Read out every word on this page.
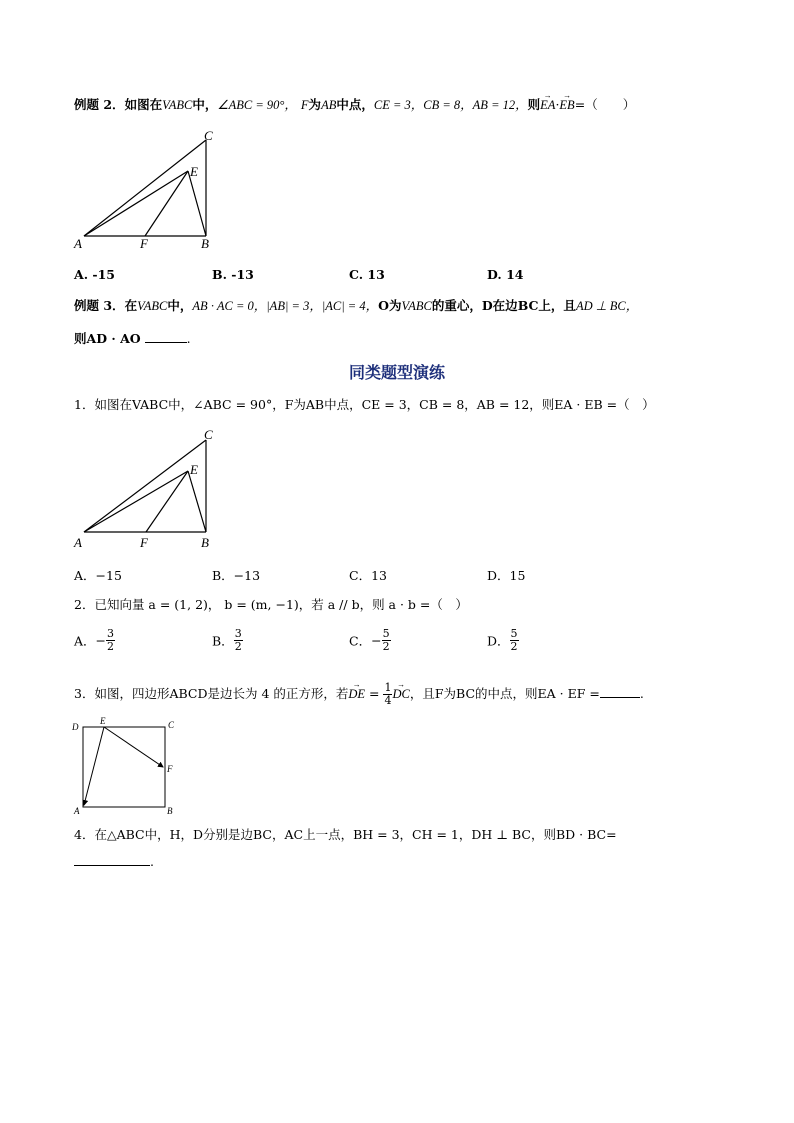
例题 2．如图在VABC中，∠ABC = 90°， F为AB中点，CE = 3，CB = 8，AB = 12，则→ EA·→ EB=（　　）
A	F	B
C
E
A. -15	B. -13	C. 13	D. 14
例题 3．在VABC中，AB · AC = 0，|AB| = 3，|AC| = 4，O为VABC的重心，D在边BC上，且AD ⊥ BC，
则AD · AO	.
同类题型演练
1．如图在VABC中，∠ABC = 90°，F为AB中点，CE = 3，CB = 8，AB = 12，则EA · EB =（　）
A	F	B
C
E
A．−15	B．−13	C．13	D．15
2．已知向量 a = (1, 2)， b = (m, −1)，若 a // b，则 a · b =（　）
A．− $\frac{3}{2}$	B． $\frac{3}{2}$	C．− $\frac{5}{2}$	D． $\frac{5}{2}$
3．如图，四边形ABCD是边长为 4 的正方形，若→ DE = $\frac{1}{4}$
→ DC，且F为BC的中点，则EA · EF =	.
D
E	C
F
A	B
4．在△ABC中，H，D分别是边BC，AC上一点，BH = 3，CH = 1，DH ⊥ BC，则BD · BC=
.
